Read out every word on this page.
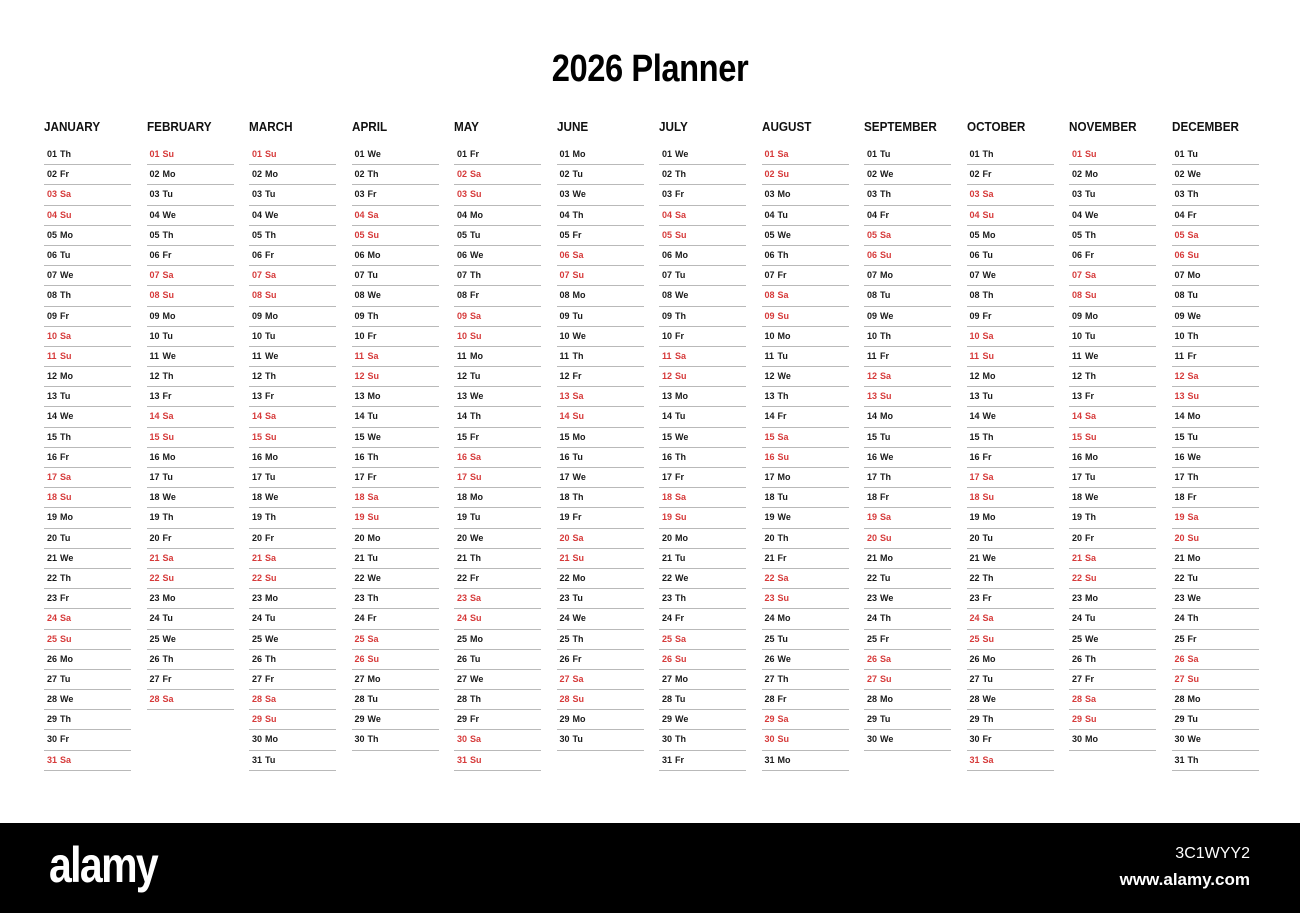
2026 Planner
JANUARY
01 Th
02 Fr
03 Sa
04 Su
05 Mo
06 Tu
07 We
08 Th
09 Fr
10 Sa
11 Su
12 Mo
13 Tu
14 We
15 Th
16 Fr
17 Sa
18 Su
19 Mo
20 Tu
21 We
22 Th
23 Fr
24 Sa
25 Su
26 Mo
27 Tu
28 We
29 Th
30 Fr
31 Sa
FEBRUARY
01 Su
02 Mo
03 Tu
04 We
05 Th
06 Fr
07 Sa
08 Su
09 Mo
10 Tu
11 We
12 Th
13 Fr
14 Sa
15 Su
16 Mo
17 Tu
18 We
19 Th
20 Fr
21 Sa
22 Su
23 Mo
24 Tu
25 We
26 Th
27 Fr
28 Sa
MARCH
01 Su
02 Mo
03 Tu
04 We
05 Th
06 Fr
07 Sa
08 Su
09 Mo
10 Tu
11 We
12 Th
13 Fr
14 Sa
15 Su
16 Mo
17 Tu
18 We
19 Th
20 Fr
21 Sa
22 Su
23 Mo
24 Tu
25 We
26 Th
27 Fr
28 Sa
29 Su
30 Mo
31 Tu
APRIL
01 We
02 Th
03 Fr
04 Sa
05 Su
06 Mo
07 Tu
08 We
09 Th
10 Fr
11 Sa
12 Su
13 Mo
14 Tu
15 We
16 Th
17 Fr
18 Sa
19 Su
20 Mo
21 Tu
22 We
23 Th
24 Fr
25 Sa
26 Su
27 Mo
28 Tu
29 We
30 Th
MAY
01 Fr
02 Sa
03 Su
04 Mo
05 Tu
06 We
07 Th
08 Fr
09 Sa
10 Su
11 Mo
12 Tu
13 We
14 Th
15 Fr
16 Sa
17 Su
18 Mo
19 Tu
20 We
21 Th
22 Fr
23 Sa
24 Su
25 Mo
26 Tu
27 We
28 Th
29 Fr
30 Sa
31 Su
JUNE
01 Mo
02 Tu
03 We
04 Th
05 Fr
06 Sa
07 Su
08 Mo
09 Tu
10 We
11 Th
12 Fr
13 Sa
14 Su
15 Mo
16 Tu
17 We
18 Th
19 Fr
20 Sa
21 Su
22 Mo
23 Tu
24 We
25 Th
26 Fr
27 Sa
28 Su
29 Mo
30 Tu
JULY
01 We
02 Th
03 Fr
04 Sa
05 Su
06 Mo
07 Tu
08 We
09 Th
10 Fr
11 Sa
12 Su
13 Mo
14 Tu
15 We
16 Th
17 Fr
18 Sa
19 Su
20 Mo
21 Tu
22 We
23 Th
24 Fr
25 Sa
26 Su
27 Mo
28 Tu
29 We
30 Th
31 Fr
AUGUST
01 Sa
02 Su
03 Mo
04 Tu
05 We
06 Th
07 Fr
08 Sa
09 Su
10 Mo
11 Tu
12 We
13 Th
14 Fr
15 Sa
16 Su
17 Mo
18 Tu
19 We
20 Th
21 Fr
22 Sa
23 Su
24 Mo
25 Tu
26 We
27 Th
28 Fr
29 Sa
30 Su
31 Mo
SEPTEMBER
01 Tu
02 We
03 Th
04 Fr
05 Sa
06 Su
07 Mo
08 Tu
09 We
10 Th
11 Fr
12 Sa
13 Su
14 Mo
15 Tu
16 We
17 Th
18 Fr
19 Sa
20 Su
21 Mo
22 Tu
23 We
24 Th
25 Fr
26 Sa
27 Su
28 Mo
29 Tu
30 We
OCTOBER
01 Th
02 Fr
03 Sa
04 Su
05 Mo
06 Tu
07 We
08 Th
09 Fr
10 Sa
11 Su
12 Mo
13 Tu
14 We
15 Th
16 Fr
17 Sa
18 Su
19 Mo
20 Tu
21 We
22 Th
23 Fr
24 Sa
25 Su
26 Mo
27 Tu
28 We
29 Th
30 Fr
31 Sa
NOVEMBER
01 Su
02 Mo
03 Tu
04 We
05 Th
06 Fr
07 Sa
08 Su
09 Mo
10 Tu
11 We
12 Th
13 Fr
14 Sa
15 Su
16 Mo
17 Tu
18 We
19 Th
20 Fr
21 Sa
22 Su
23 Mo
24 Tu
25 We
26 Th
27 Fr
28 Sa
29 Su
30 Mo
DECEMBER
01 Tu
02 We
03 Th
04 Fr
05 Sa
06 Su
07 Mo
08 Tu
09 We
10 Th
11 Fr
12 Sa
13 Su
14 Mo
15 Tu
16 We
17 Th
18 Fr
19 Sa
20 Su
21 Mo
22 Tu
23 We
24 Th
25 Fr
26 Sa
27 Su
28 Mo
29 Tu
30 We
31 Th
alamy	3C1WYY2
www.alamy.com
